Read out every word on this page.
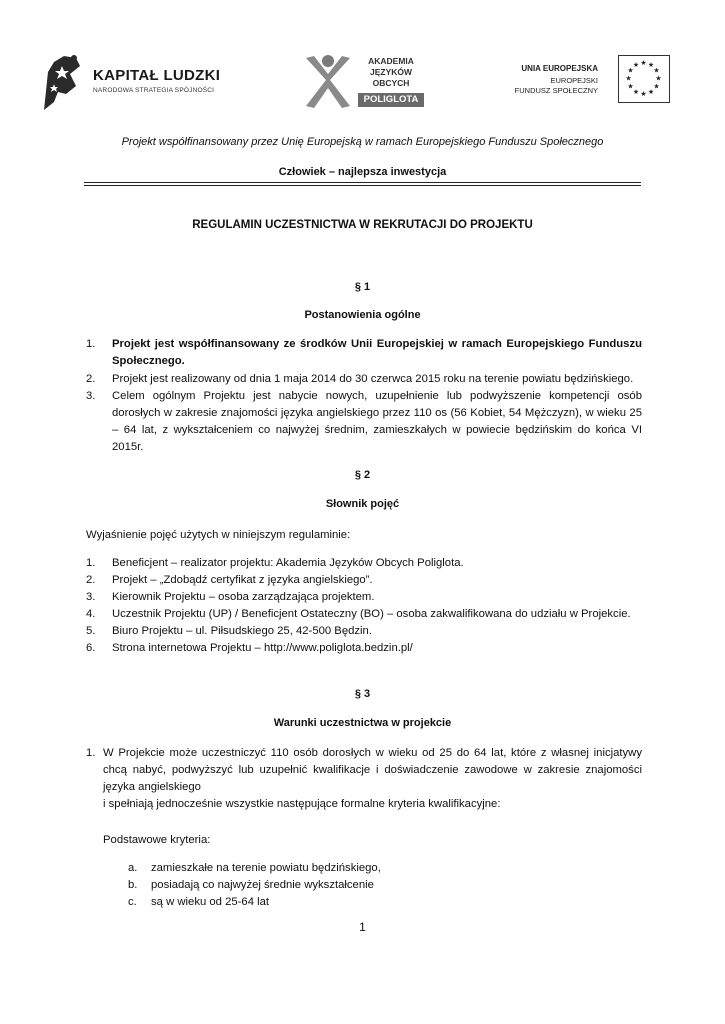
KAPITAŁ LUDZKI
NARODOWA STRATEGIA SPÓJNOŚCI
AKADEMIA
JĘZYKÓW
OBCYCH
POLIGLOTA
UNIA EUROPEJSKA
EUROPEJSKI
FUNDUSZ SPOŁECZNY
★ ★
★
★
★
★
★
★
★
★
★
★
Projekt współfinansowany przez Unię Europejską w ramach Europejskiego Funduszu Społecznego
Człowiek – najlepsza inwestycja
REGULAMIN UCZESTNICTWA W REKRUTACJI DO PROJEKTU
§ 1
Postanowienia ogólne
1. Projekt jest współfinansowany ze środków Unii Europejskiej w ramach Europejskiego Funduszu Społecznego.
2. Projekt jest realizowany od dnia 1 maja 2014 do 30 czerwca 2015 roku na terenie powiatu będzińskiego.
3. Celem ogólnym Projektu jest nabycie nowych, uzupełnienie lub podwyższenie kompetencji osób dorosłych w zakresie znajomości języka angielskiego przez 110 os (56 Kobiet, 54 Mężczyzn), w wieku 25 – 64 lat, z wykształceniem co najwyżej średnim, zamieszkałych w powiecie będzińskim do końca VI 2015r.
§ 2
Słownik pojęć
Wyjaśnienie pojęć użytych w niniejszym regulaminie:
1. Beneficjent – realizator projektu: Akademia Języków Obcych Poliglota.
2. Projekt – „Zdobądź certyfikat z języka angielskiego”.
3. Kierownik Projektu – osoba zarządzająca projektem.
4. Uczestnik Projektu (UP) / Beneficjent Ostateczny (BO) – osoba zakwalifikowana do udziału w Projekcie.
5. Biuro Projektu – ul. Piłsudskiego 25, 42-500 Będzin.
6. Strona internetowa Projektu – http://www.poliglota.bedzin.pl/
§ 3
Warunki uczestnictwa w projekcie
1. W Projekcie może uczestniczyć 110 osób dorosłych w wieku od 25 do 64 lat, które z własnej inicjatywy chcą nabyć, podwyższyć lub uzupełnić kwalifikacje i doświadczenie zawodowe w zakresie znajomości języka angielskiego
i spełniają jednocześnie wszystkie następujące formalne kryteria kwalifikacyjne:
Podstawowe kryteria:
a. zamieszkałe na terenie powiatu będzińskiego,
b. posiadają co najwyżej średnie wykształcenie
c. są w wieku od 25-64 lat
1
